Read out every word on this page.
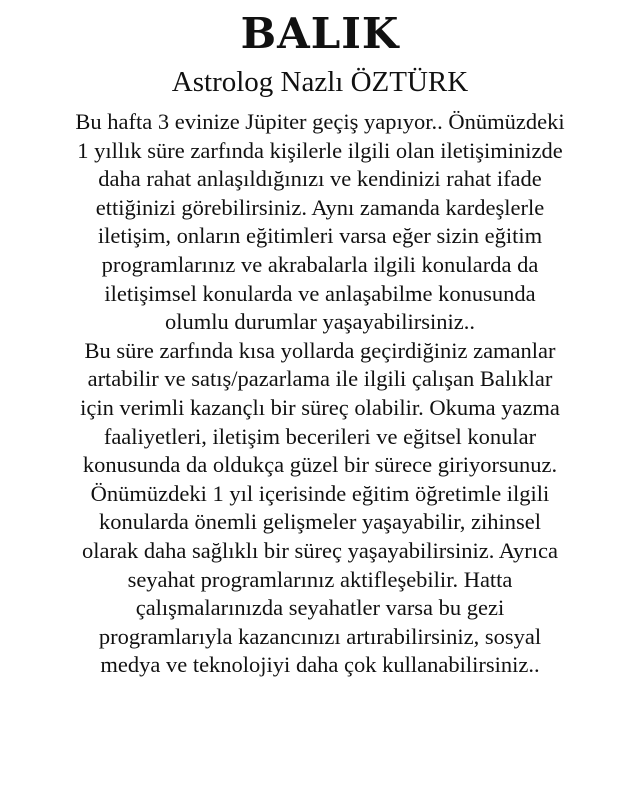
BALIK
Astrolog Nazlı ÖZTÜRK
Bu hafta 3 evinize Jüpiter geçiş yapıyor.. Önümüzdeki
1 yıllık süre zarfında kişilerle ilgili olan iletişiminizde
daha rahat anlaşıldığınızı ve kendinizi rahat ifade
ettiğinizi görebilirsiniz. Aynı zamanda kardeşlerle
iletişim, onların eğitimleri varsa eğer sizin eğitim
programlarınız ve akrabalarla ilgili konularda da
iletişimsel konularda ve anlaşabilme konusunda
olumlu durumlar yaşayabilirsiniz..
Bu süre zarfında kısa yollarda geçirdiğiniz zamanlar
artabilir ve satış/pazarlama ile ilgili çalışan Balıklar
için verimli kazançlı bir süreç olabilir. Okuma yazma
faaliyetleri, iletişim becerileri ve eğitsel konular
konusunda da oldukça güzel bir sürece giriyorsunuz.
Önümüzdeki 1 yıl içerisinde eğitim öğretimle ilgili
konularda önemli gelişmeler yaşayabilir, zihinsel
olarak daha sağlıklı bir süreç yaşayabilirsiniz. Ayrıca
seyahat programlarınız aktifleşebilir. Hatta
çalışmalarınızda seyahatler varsa bu gezi
programlarıyla kazancınızı artırabilirsiniz, sosyal
medya ve teknolojiyi daha çok kullanabilirsiniz..
